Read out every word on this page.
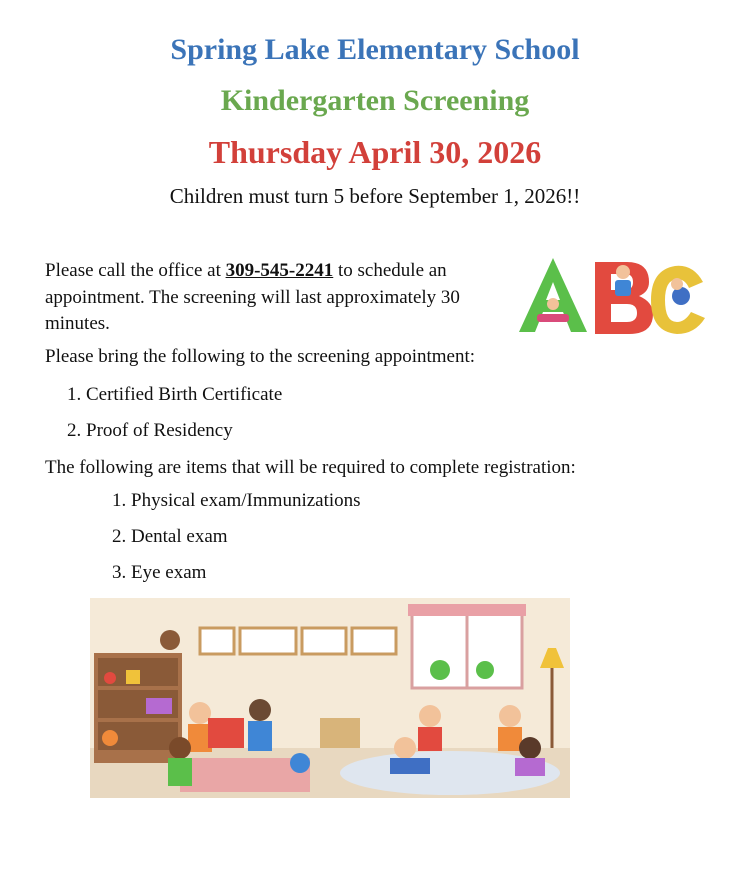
Spring Lake Elementary School
Kindergarten Screening
Thursday April 30, 2026

Children must turn 5 before September 1, 2026!!

Please call the office at 309-545-2241 to schedule an appointment. The screening will last approximately 30 minutes.

Please bring the following to the screening appointment:

1. Certified Birth Certificate

2. Proof of Residency

The following are items that will be required to complete registration:

1. Physical exam/Immunizations

2. Dental exam

3. Eye exam
